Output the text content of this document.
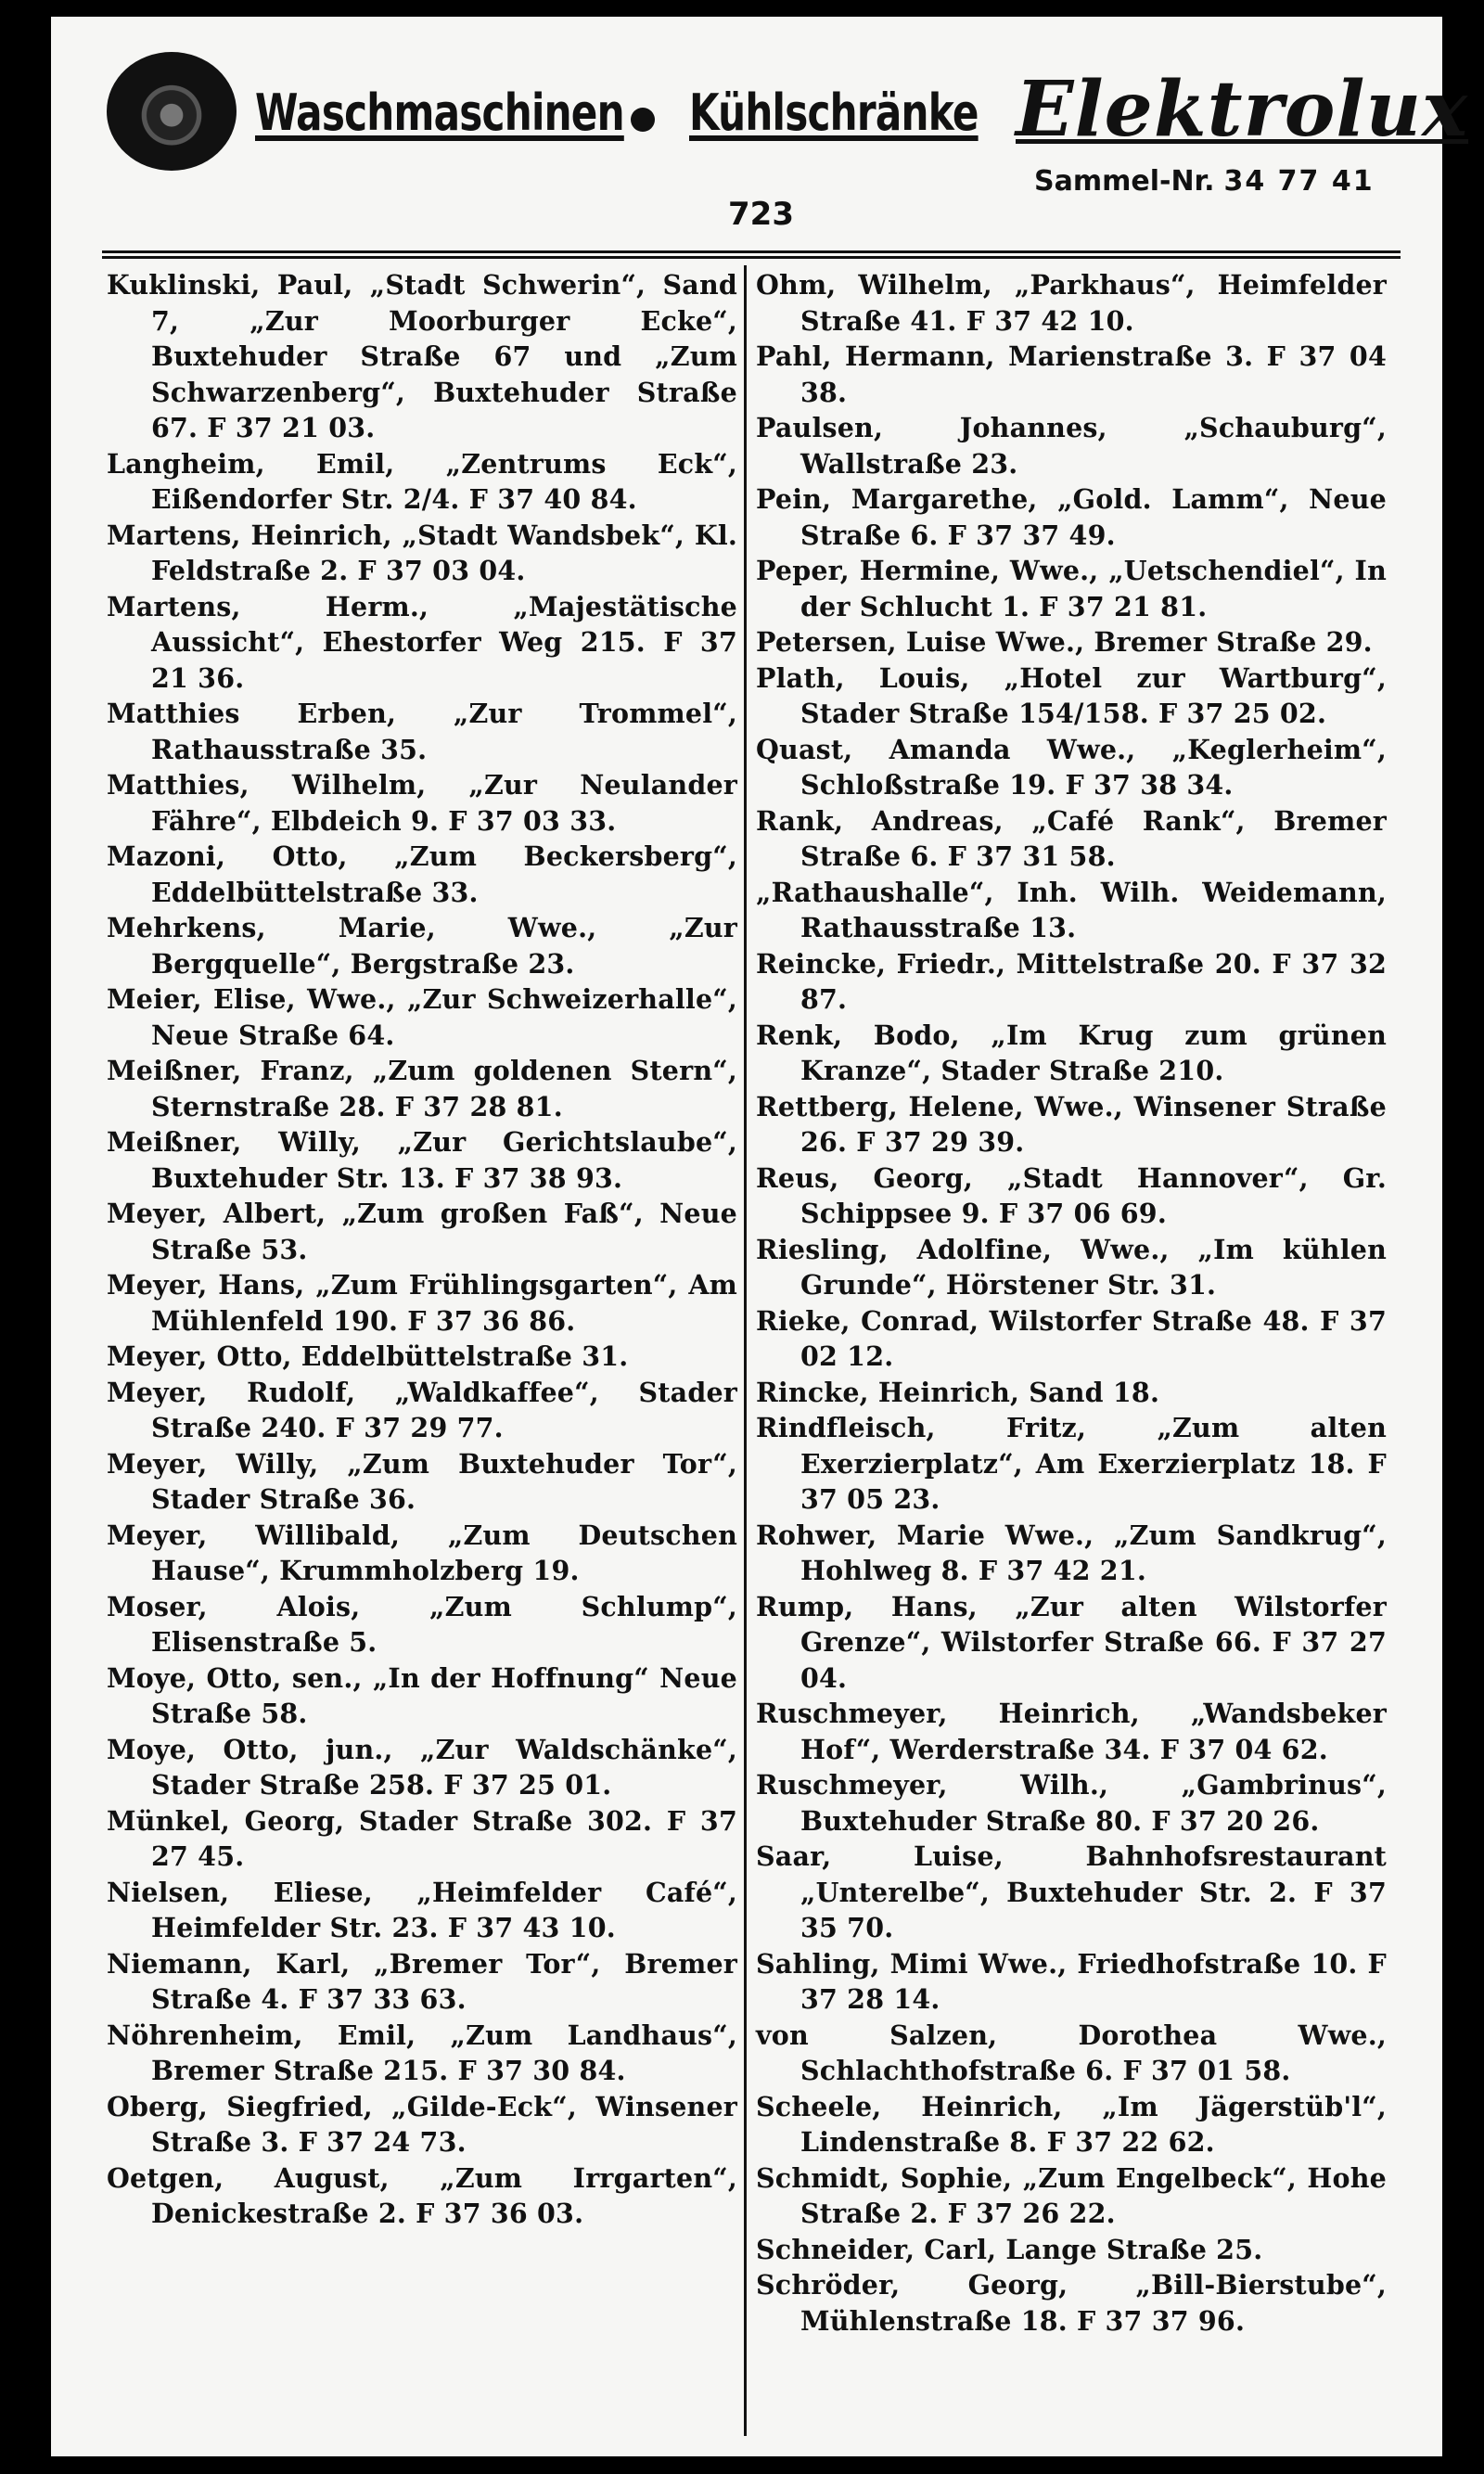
Waschmaschinen Kühlschränke Elektrolux
Sammel-Nr. 34 77 41
723

Kuklinski, Paul, „Stadt Schwerin“, Sand 7, „Zur Moorburger Ecke“, Buxtehuder Straße 67 und „Zum Schwarzenberg“, Buxtehuder Straße 67. F 37 21 03.

Langheim, Emil, „Zentrums Eck“, Eißendorfer Str. 2/4. F 37 40 84.

Martens, Heinrich, „Stadt Wandsbek“, Kl. Feldstraße 2. F 37 03 04.

Martens, Herm., „Majestätische Aussicht“, Ehestorfer Weg 215. F 37 21 36.

Matthies Erben, „Zur Trommel“, Rathausstraße 35.

Matthies, Wilhelm, „Zur Neulander Fähre“, Elbdeich 9. F 37 03 33.

Mazoni, Otto, „Zum Beckersberg“, Eddelbüttelstraße 33.

Mehrkens, Marie, Wwe., „Zur Bergquelle“, Bergstraße 23.

Meier, Elise, Wwe., „Zur Schweizerhalle“, Neue Straße 64.

Meißner, Franz, „Zum goldenen Stern“, Sternstraße 28. F 37 28 81.

Meißner, Willy, „Zur Gerichtslaube“, Buxtehuder Str. 13. F 37 38 93.

Meyer, Albert, „Zum großen Faß“, Neue Straße 53.

Meyer, Hans, „Zum Frühlingsgarten“, Am Mühlenfeld 190. F 37 36 86.

Meyer, Otto, Eddelbüttelstraße 31.

Meyer, Rudolf, „Waldkaffee“, Stader Straße 240. F 37 29 77.

Meyer, Willy, „Zum Buxtehuder Tor“, Stader Straße 36.

Meyer, Willibald, „Zum Deutschen Hause“, Krummholzberg 19.

Moser, Alois, „Zum Schlump“, Elisenstraße 5.

Moye, Otto, sen., „In der Hoffnung“ Neue Straße 58.

Moye, Otto, jun., „Zur Waldschänke“, Stader Straße 258. F 37 25 01.

Münkel, Georg, Stader Straße 302. F 37 27 45.

Nielsen, Eliese, „Heimfelder Café“, Heimfelder Str. 23. F 37 43 10.

Niemann, Karl, „Bremer Tor“, Bremer Straße 4. F 37 33 63.

Nöhrenheim, Emil, „Zum Landhaus“, Bremer Straße 215. F 37 30 84.

Oberg, Siegfried, „Gilde-Eck“, Winsener Straße 3. F 37 24 73.

Oetgen, August, „Zum Irrgarten“, Denickestraße 2. F 37 36 03.

Ohm, Wilhelm, „Parkhaus“, Heimfelder Straße 41. F 37 42 10.

Pahl, Hermann, Marienstraße 3. F 37 04 38.

Paulsen, Johannes, „Schauburg“, Wallstraße 23.

Pein, Margarethe, „Gold. Lamm“, Neue Straße 6. F 37 37 49.

Peper, Hermine, Wwe., „Uetschendiel“, In der Schlucht 1. F 37 21 81.

Petersen, Luise Wwe., Bremer Straße 29.

Plath, Louis, „Hotel zur Wartburg“, Stader Straße 154/158. F 37 25 02.

Quast, Amanda Wwe., „Keglerheim“, Schloßstraße 19. F 37 38 34.

Rank, Andreas, „Café Rank“, Bremer Straße 6. F 37 31 58.

„Rathaushalle“, Inh. Wilh. Weidemann, Rathausstraße 13.

Reincke, Friedr., Mittelstraße 20. F 37 32 87.

Renk, Bodo, „Im Krug zum grünen Kranze“, Stader Straße 210.

Rettberg, Helene, Wwe., Winsener Straße 26. F 37 29 39.

Reus, Georg, „Stadt Hannover“, Gr. Schippsee 9. F 37 06 69.

Riesling, Adolfine, Wwe., „Im kühlen Grunde“, Hörstener Str. 31.

Rieke, Conrad, Wilstorfer Straße 48. F 37 02 12.

Rincke, Heinrich, Sand 18.

Rindfleisch, Fritz, „Zum alten Exerzierplatz“, Am Exerzierplatz 18. F 37 05 23.

Rohwer, Marie Wwe., „Zum Sandkrug“, Hohlweg 8. F 37 42 21.

Rump, Hans, „Zur alten Wilstorfer Grenze“, Wilstorfer Straße 66. F 37 27 04.

Ruschmeyer, Heinrich, „Wandsbeker Hof“, Werderstraße 34. F 37 04 62.

Ruschmeyer, Wilh., „Gambrinus“, Buxtehuder Straße 80. F 37 20 26.

Saar, Luise, Bahnhofsrestaurant „Unterelbe“, Buxtehuder Str. 2. F 37 35 70.

Sahling, Mimi Wwe., Friedhofstraße 10. F 37 28 14.

von Salzen, Dorothea Wwe., Schlachthofstraße 6. F 37 01 58.

Scheele, Heinrich, „Im Jägerstüb'l“, Lindenstraße 8. F 37 22 62.

Schmidt, Sophie, „Zum Engelbeck“, Hohe Straße 2. F 37 26 22.

Schneider, Carl, Lange Straße 25.

Schröder, Georg, „Bill-Bierstube“, Mühlenstraße 18. F 37 37 96.
